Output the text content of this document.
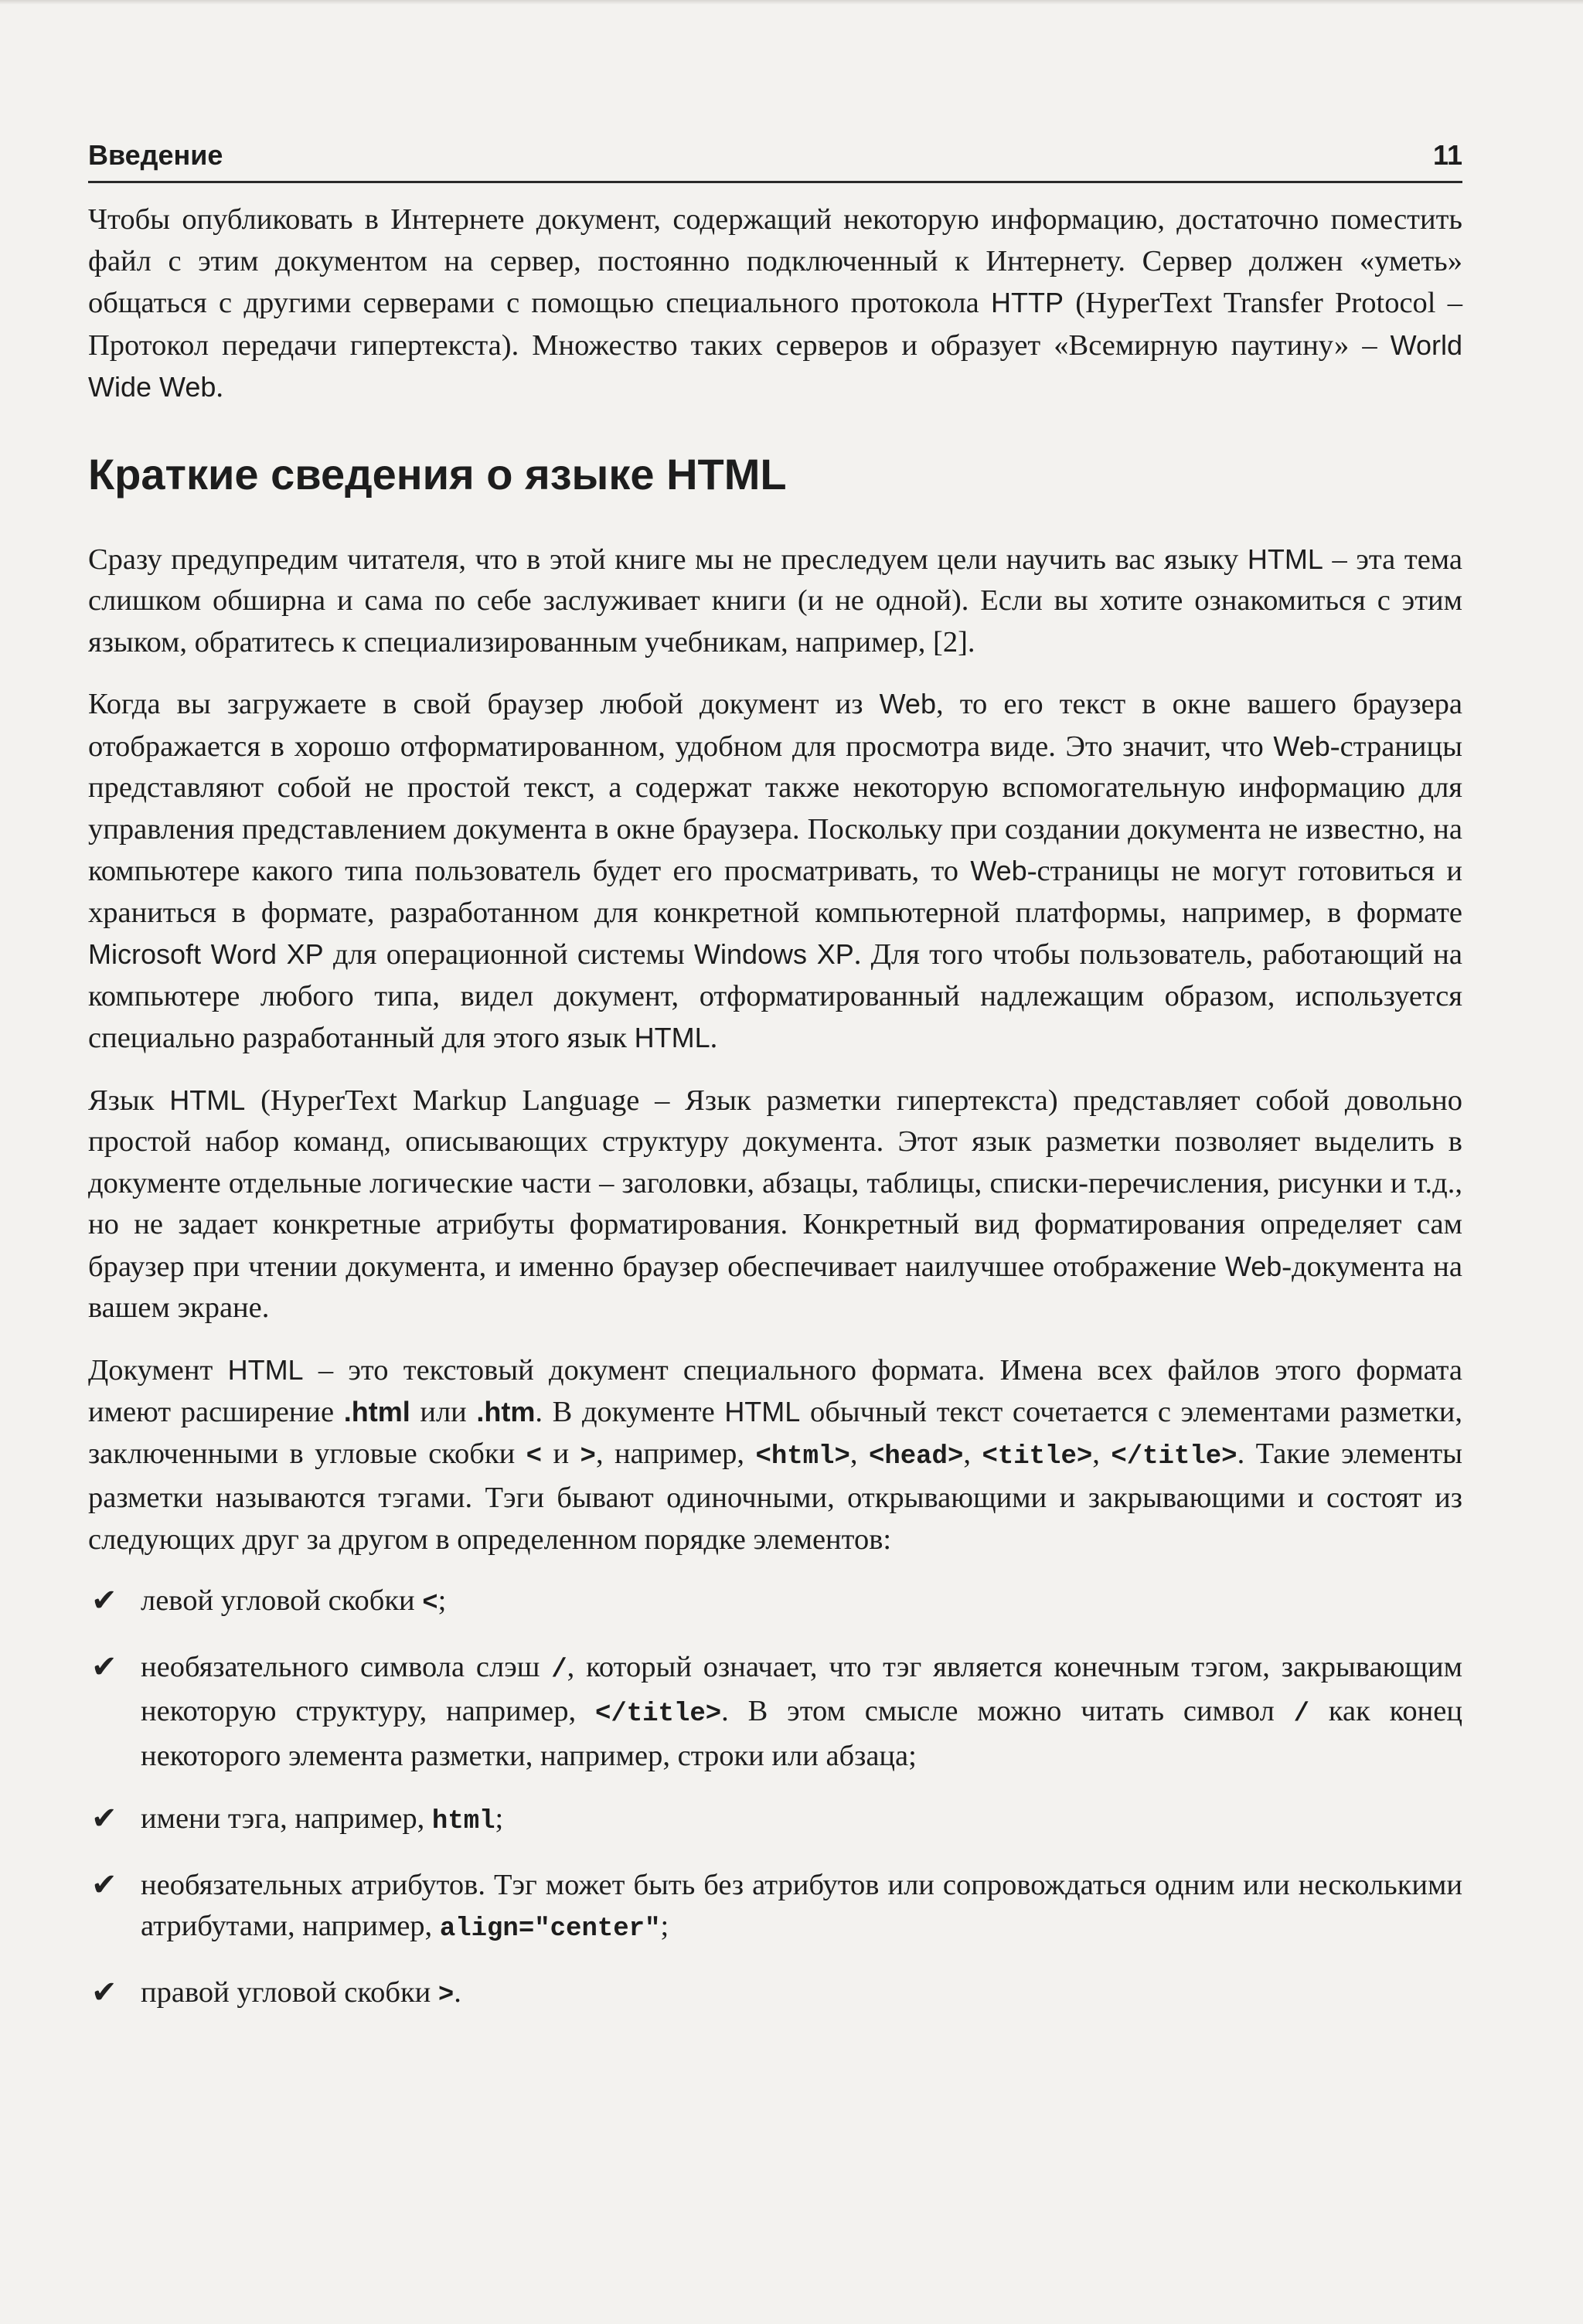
Введение	11

Чтобы опубликовать в Интернете документ, содержащий некоторую информацию, достаточно поместить файл с этим документом на сервер, постоянно подключенный к Интернету. Сервер должен «уметь» общаться с другими серверами с помощью специального протокола HTTP (HyperText Transfer Protocol – Протокол передачи гипертекста). Множество таких серверов и образует «Всемирную паутину» – World Wide Web.

Краткие сведения о языке HTML

Сразу предупредим читателя, что в этой книге мы не преследуем цели научить вас языку HTML – эта тема слишком обширна и сама по себе заслуживает книги (и не одной). Если вы хотите ознакомиться с этим языком, обратитесь к специализированным учебникам, например, [2].

Когда вы загружаете в свой браузер любой документ из Web, то его текст в окне вашего браузера отображается в хорошо отформатированном, удобном для просмотра виде. Это значит, что Web-страницы представляют собой не простой текст, а содержат также некоторую вспомогательную информацию для управления представлением документа в окне браузера. Поскольку при создании документа не известно, на компьютере какого типа пользователь будет его просматривать, то Web-страницы не могут готовиться и храниться в формате, разработанном для конкретной компьютерной платформы, например, в формате Microsoft Word XP для операционной системы Windows XP. Для того чтобы пользователь, работающий на компьютере любого типа, видел документ, отформатированный надлежащим образом, используется специально разработанный для этого язык HTML.

Язык HTML (HyperText Markup Language – Язык разметки гипертекста) представляет собой довольно простой набор команд, описывающих структуру документа. Этот язык разметки позволяет выделить в документе отдельные логические части – заголовки, абзацы, таблицы, списки-перечисления, рисунки и т.д., но не задает конкретные атрибуты форматирования. Конкретный вид форматирования определяет сам браузер при чтении документа, и именно браузер обеспечивает наилучшее отображение Web-документа на вашем экране.

Документ HTML – это текстовый документ специального формата. Имена всех файлов этого формата имеют расширение .html или .htm. В документе HTML обычный текст сочетается с элементами разметки, заключенными в угловые скобки < и >, например, <html>, <head>, <title>, </title>. Такие элементы разметки называются тэгами. Тэги бывают одиночными, открывающими и закрывающими и состоят из следующих друг за другом в определенном порядке элементов:

✔ левой угловой скобки <;
✔ необязательного символа слэш /, который означает, что тэг является конечным тэгом, закрывающим некоторую структуру, например, </title>. В этом смысле можно читать символ / как конец некоторого элемента разметки, например, строки или абзаца;
✔ имени тэга, например, html;
✔ необязательных атрибутов. Тэг может быть без атрибутов или сопровождаться одним или несколькими атрибутами, например, align="center";
✔ правой угловой скобки >.
